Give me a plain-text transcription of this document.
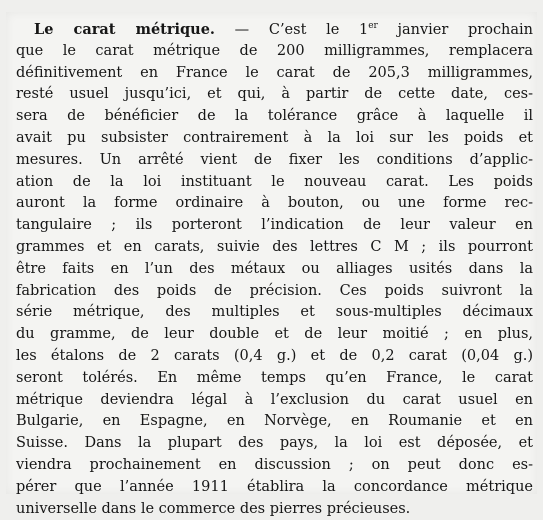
Le carat métrique. — C’est le 1er janvier prochain
que le carat métrique de 200 milligrammes, remplacera
définitivement en France le carat de 205,3 milligrammes,
resté usuel jusqu’ici, et qui, à partir de cette date, ces-
sera de bénéficier de la tolérance grâce à laquelle il
avait pu subsister contrairement à la loi sur les poids et
mesures. Un arrêté vient de fixer les conditions d’applic-
ation de la loi instituant le nouveau carat. Les poids
auront la forme ordinaire à bouton, ou une forme rec-
tangulaire ; ils porteront l’indication de leur valeur en
grammes et en carats, suivie des lettres C M ; ils pourront
être faits en l’un des métaux ou alliages usités dans la
fabrication des poids de précision. Ces poids suivront la
série métrique, des multiples et sous-multiples décimaux
du gramme, de leur double et de leur moitié ; en plus,
les étalons de 2 carats (0,4 g.) et de 0,2 carat (0,04 g.)
seront tolérés. En même temps qu’en France, le carat
métrique deviendra légal à l’exclusion du carat usuel en
Bulgarie, en Espagne, en Norvège, en Roumanie et en
Suisse. Dans la plupart des pays, la loi est déposée, et
viendra prochainement en discussion ; on peut donc es-
pérer que l’année 1911 établira la concordance métrique
universelle dans le commerce des pierres précieuses.
